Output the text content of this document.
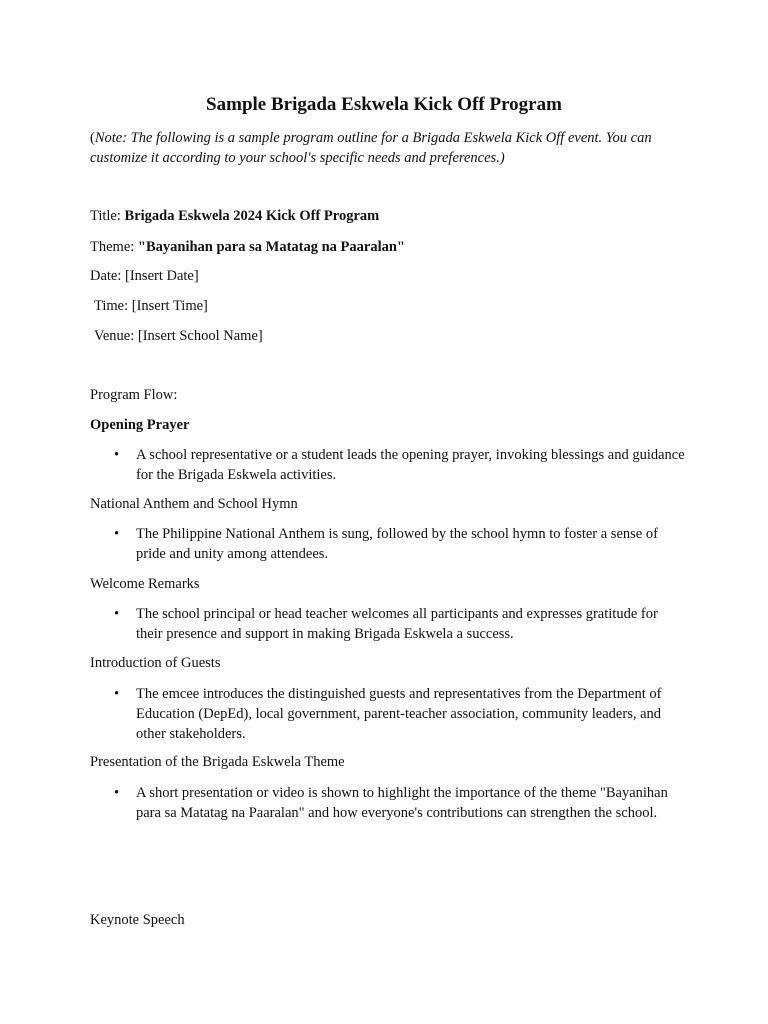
Sample Brigada Eskwela Kick Off Program

(Note: The following is a sample program outline for a Brigada Eskwela Kick Off event. You can customize it according to your school's specific needs and preferences.)

Title: Brigada Eskwela 2024 Kick Off Program

Theme: "Bayanihan para sa Matatag na Paaralan"

Date: [Insert Date]

Time: [Insert Time]

Venue: [Insert School Name]

Program Flow:

Opening Prayer

• A school representative or a student leads the opening prayer, invoking blessings and guidance for the Brigada Eskwela activities.

National Anthem and School Hymn

• The Philippine National Anthem is sung, followed by the school hymn to foster a sense of pride and unity among attendees.

Welcome Remarks

• The school principal or head teacher welcomes all participants and expresses gratitude for their presence and support in making Brigada Eskwela a success.

Introduction of Guests

• The emcee introduces the distinguished guests and representatives from the Department of Education (DepEd), local government, parent-teacher association, community leaders, and other stakeholders.

Presentation of the Brigada Eskwela Theme

• A short presentation or video is shown to highlight the importance of the theme "Bayanihan para sa Matatag na Paaralan" and how everyone's contributions can strengthen the school.

Keynote Speech
